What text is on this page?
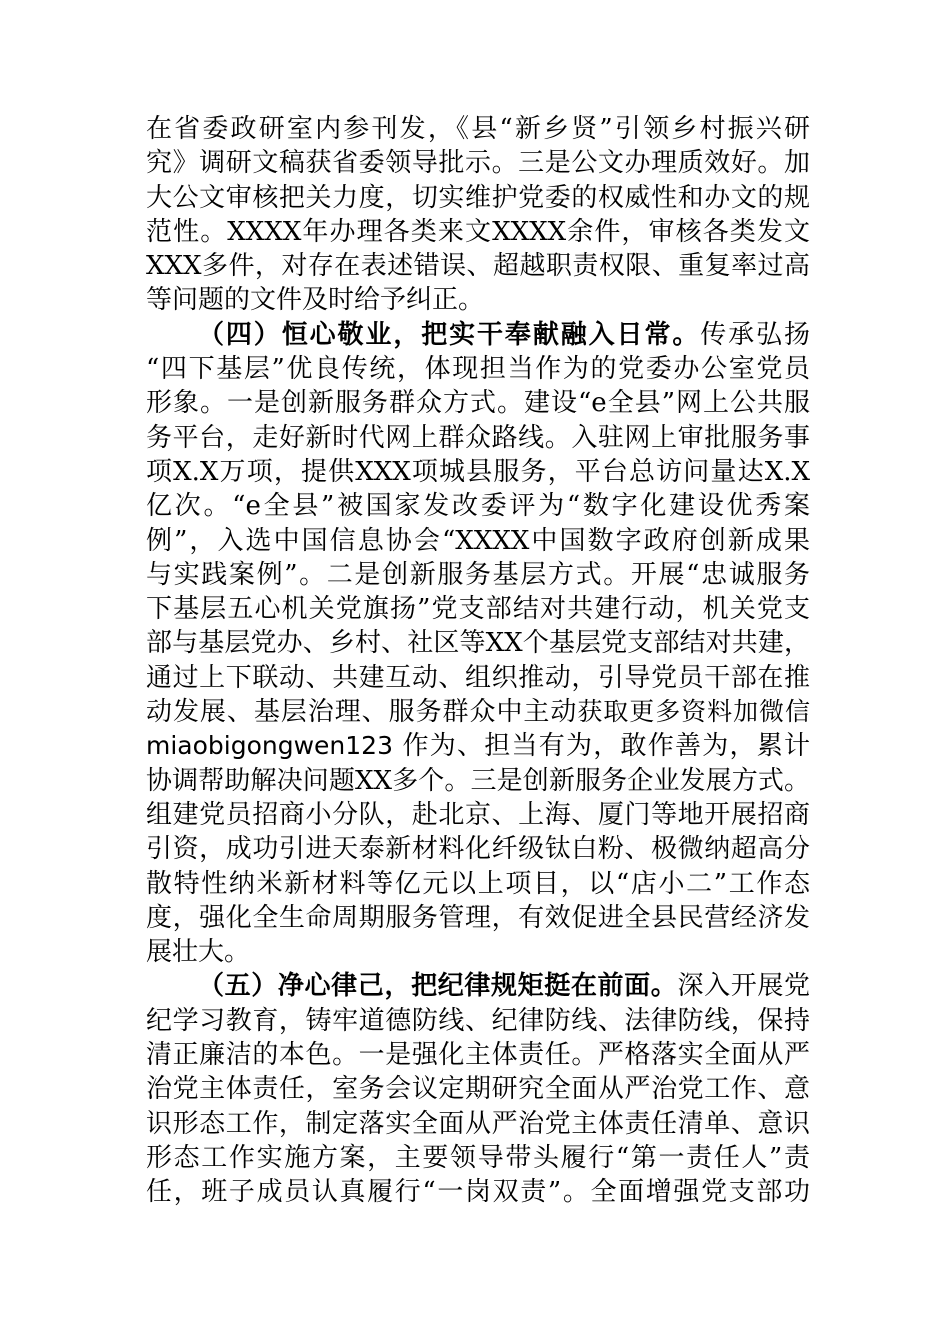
在省委政研室内参刊发，《县“新乡贤”引领乡村振兴研
究》调研文稿获省委领导批示。三是公文办理质效好。加
大公文审核把关力度，切实维护党委的权威性和办文的规
范性。XXXX年办理各类来文XXXX余件，审核各类发文
XXX多件，对存在表述错误、超越职责权限、重复率过高
等问题的文件及时给予纠正。
（四）恒心敬业，把实干奉献融入日常。传承弘扬
“四下基层”优良传统，体现担当作为的党委办公室党员
形象。一是创新服务群众方式。建设“e全县”网上公共服
务平台，走好新时代网上群众路线。入驻网上审批服务事
项X.X万项，提供XXX项城县服务，平台总访问量达X.X
亿次。“e全县”被国家发改委评为“数字化建设优秀案
例”，入选中国信息协会“XXXX中国数字政府创新成果
与实践案例”。二是创新服务基层方式。开展“忠诚服务
下基层五心机关党旗扬”党支部结对共建行动，机关党支
部与基层党办、乡村、社区等XX个基层党支部结对共建，
通过上下联动、共建互动、组织推动，引导党员干部在推
动发展、基层治理、服务群众中主动获取更多资料加微信
miaobigongwen123 作为、担当有为，敢作善为，累计
协调帮助解决问题XX多个。三是创新服务企业发展方式。
组建党员招商小分队，赴北京、上海、厦门等地开展招商
引资，成功引进天泰新材料化纤级钛白粉、极微纳超高分
散特性纳米新材料等亿元以上项目，以“店小二”工作态
度，强化全生命周期服务管理，有效促进全县民营经济发
展壮大。
（五）净心律己，把纪律规矩挺在前面。深入开展党
纪学习教育，铸牢道德防线、纪律防线、法律防线，保持
清正廉洁的本色。一是强化主体责任。严格落实全面从严
治党主体责任，室务会议定期研究全面从严治党工作、意
识形态工作，制定落实全面从严治党主体责任清单、意识
形态工作实施方案，主要领导带头履行“第一责任人”责
任，班子成员认真履行“一岗双责”。全面增强党支部功
